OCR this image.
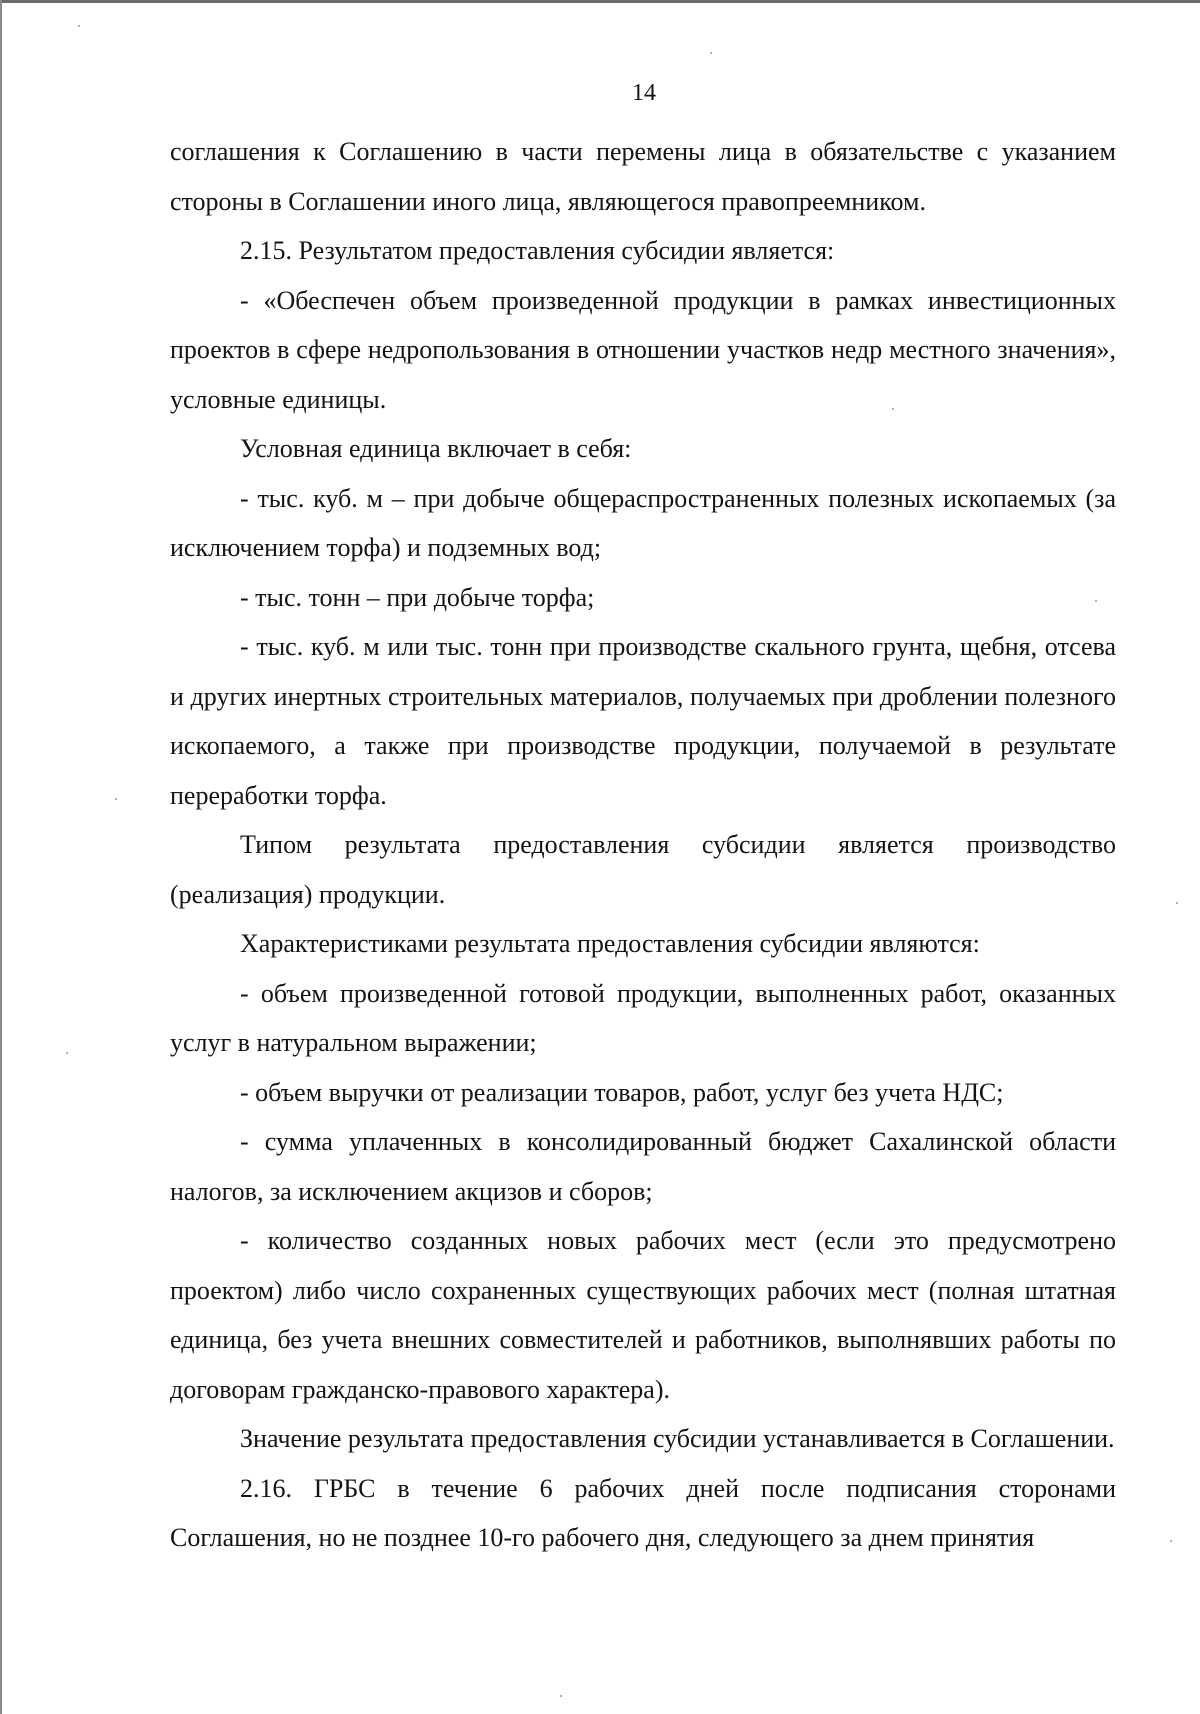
14

соглашения к Соглашению в части перемены лица в обязательстве с указанием стороны в Соглашении иного лица, являющегося правопреемником.

2.15. Результатом предоставления субсидии является:

- «Обеспечен объем произведенной продукции в рамках инвестиционных проектов в сфере недропользования в отношении участков недр местного значения», условные единицы.

Условная единица включает в себя:

- тыс. куб. м – при добыче общераспространенных полезных ископаемых (за исключением торфа) и подземных вод;

- тыс. тонн – при добыче торфа;

- тыс. куб. м или тыс. тонн при производстве скального грунта, щебня, отсева и других инертных строительных материалов, получаемых при дроблении полезного ископаемого, а также при производстве продукции, получаемой в результате переработки торфа.

Типом результата предоставления субсидии является производство (реализация) продукции.

Характеристиками результата предоставления субсидии являются:

- объем произведенной готовой продукции, выполненных работ, оказанных услуг в натуральном выражении;

- объем выручки от реализации товаров, работ, услуг без учета НДС;

- сумма уплаченных в консолидированный бюджет Сахалинской области налогов, за исключением акцизов и сборов;

- количество созданных новых рабочих мест (если это предусмотрено проектом) либо число сохраненных существующих рабочих мест (полная штатная единица, без учета внешних совместителей и работников, выполнявших работы по договорам гражданско-правового характера).

Значение результата предоставления субсидии устанавливается в Соглашении.

2.16. ГРБС в течение 6 рабочих дней после подписания сторонами Соглашения, но не позднее 10-го рабочего дня, следующего за днем принятия
